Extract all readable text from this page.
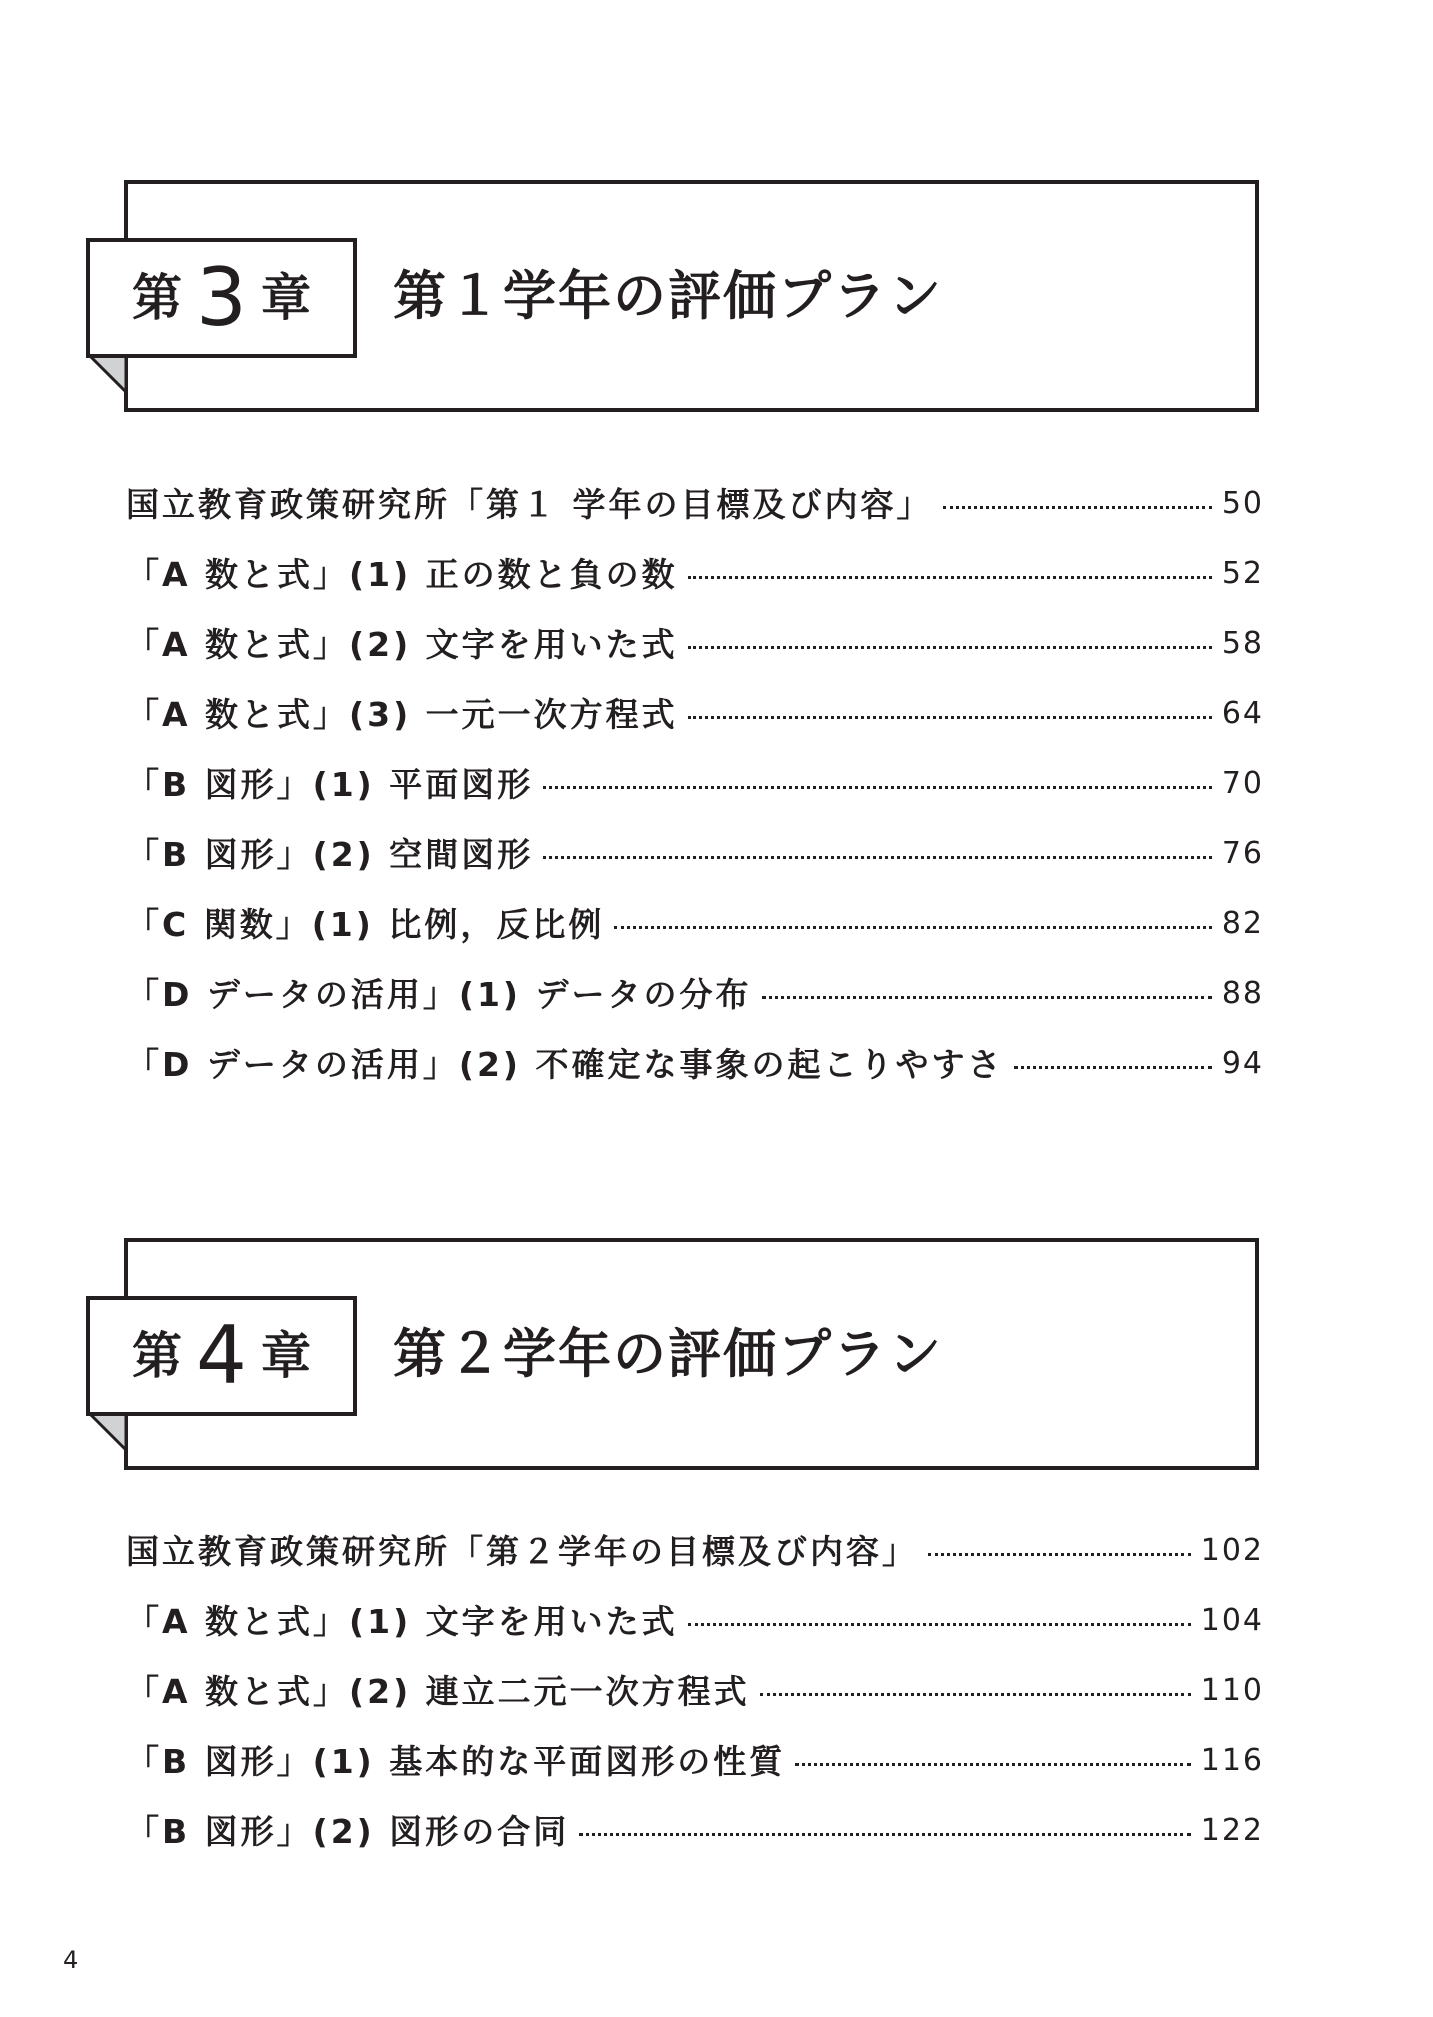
第 3 章 第１学年の評価プラン
国立教育政策研究所「第１ 学年の目標及び内容」	50
「A 数と式」(1) 正の数と負の数	52
「A 数と式」(2) 文字を用いた式	58
「A 数と式」(3) 一元一次方程式	64
「B 図形」(1) 平面図形	70
「B 図形」(2) 空間図形	76
「C 関数」(1) 比例，反比例	82
「D データの活用」(1) データの分布	88
「D データの活用」(2) 不確定な事象の起こりやすさ	94
第 4 章 第２学年の評価プラン
国立教育政策研究所「第２学年の目標及び内容」	102
「A 数と式」(1) 文字を用いた式	104
「A 数と式」(2) 連立二元一次方程式	110
「B 図形」(1) 基本的な平面図形の性質	116
「B 図形」(2) 図形の合同	122
4
